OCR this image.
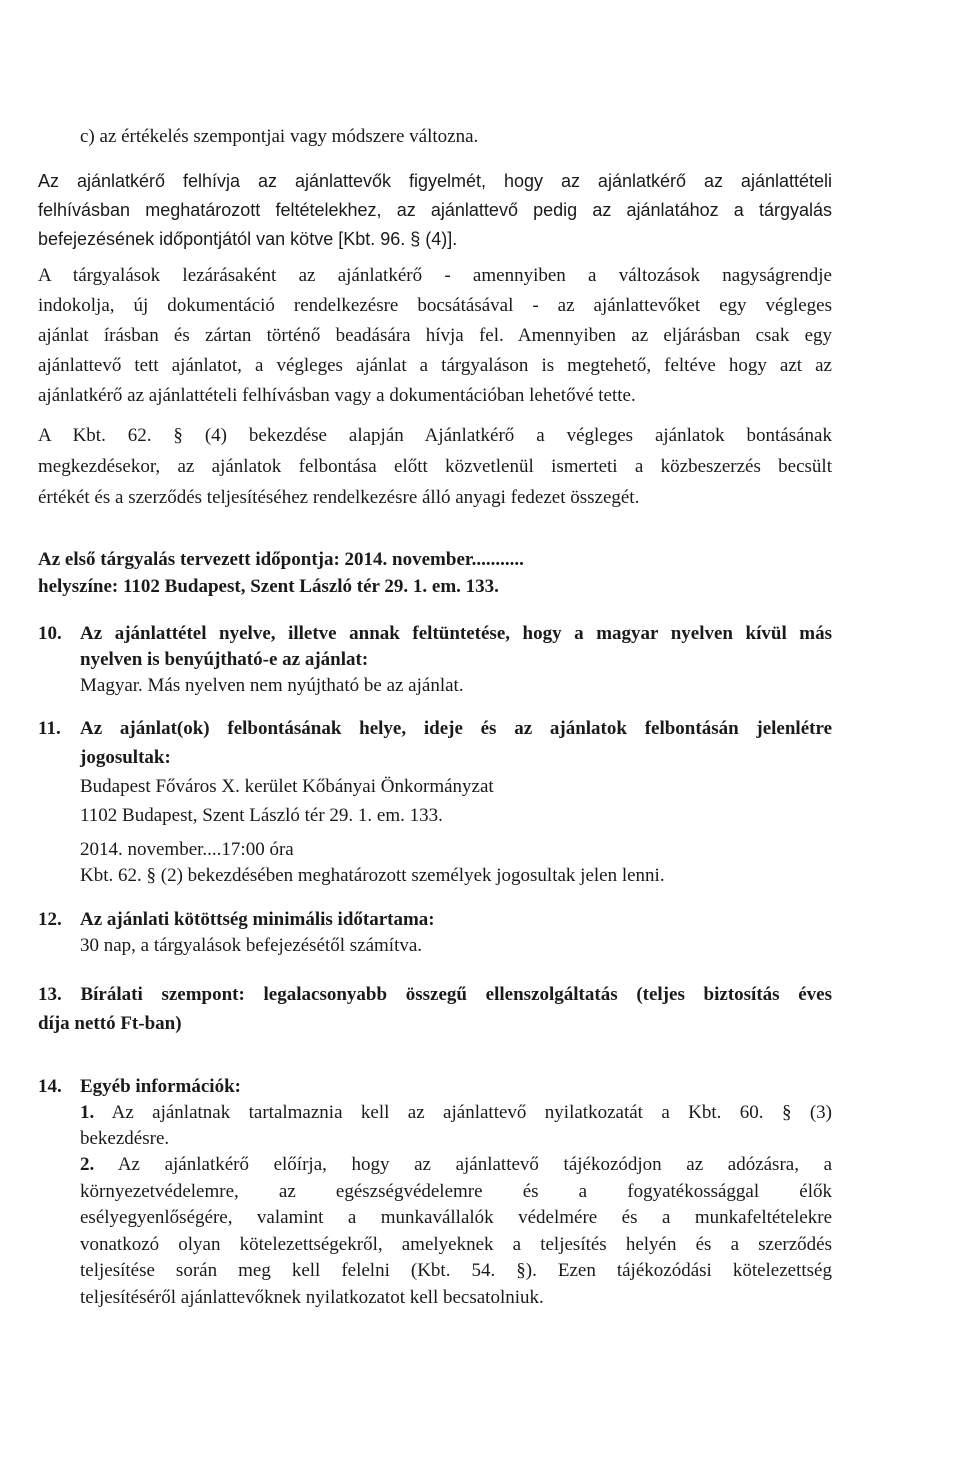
c) az értékelés szempontjai vagy módszere változna.
Az ajánlatkérő felhívja az ajánlattevők figyelmét, hogy az ajánlatkérő az ajánlattételi
felhívásban meghatározott feltételekhez, az ajánlattevő pedig az ajánlatához a tárgyalás
befejezésének időpontjától van kötve [Kbt. 96. § (4)].
A tárgyalások lezárásaként az ajánlatkérő - amennyiben a változások nagyságrendje
indokolja, új dokumentáció rendelkezésre bocsátásával - az ajánlattevőket egy végleges
ajánlat írásban és zártan történő beadására hívja fel. Amennyiben az eljárásban csak egy
ajánlattevő tett ajánlatot, a végleges ajánlat a tárgyaláson is megtehető, feltéve hogy azt az
ajánlatkérő az ajánlattételi felhívásban vagy a dokumentációban lehetővé tette.
A Kbt. 62. § (4) bekezdése alapján Ajánlatkérő a végleges ajánlatok bontásának
megkezdésekor, az ajánlatok felbontása előtt közvetlenül ismerteti a közbeszerzés becsült
értékét és a szerződés teljesítéséhez rendelkezésre álló anyagi fedezet összegét.
Az első tárgyalás tervezett időpontja: 2014. november...........
helyszíne: 1102 Budapest, Szent László tér 29. 1. em. 133.
10. Az ajánlattétel nyelve, illetve annak feltüntetése, hogy a magyar nyelven kívül más
nyelven is benyújtható-e az ajánlat:
Magyar. Más nyelven nem nyújtható be az ajánlat.
11. Az ajánlat(ok) felbontásának helye, ideje és az ajánlatok felbontásán jelenlétre
jogosultak:
Budapest Főváros X. kerület Kőbányai Önkormányzat
1102 Budapest, Szent László tér 29. 1. em. 133.
2014. november....17:00 óra
Kbt. 62. § (2) bekezdésében meghatározott személyek jogosultak jelen lenni.
12. Az ajánlati kötöttség minimális időtartama:
30 nap, a tárgyalások befejezésétől számítva.
13. Bírálati szempont: legalacsonyabb összegű ellenszolgáltatás (teljes biztosítás éves
díja nettó Ft-ban)
14. Egyéb információk:
1. Az ajánlatnak tartalmaznia kell az ajánlattevő nyilatkozatát a Kbt. 60. § (3)
bekezdésre.
2. Az ajánlatkérő előírja, hogy az ajánlattevő tájékozódjon az adózásra, a
környezetvédelemre, az egészségvédelemre és a fogyatékossággal élők
esélyegyenlőségére, valamint a munkavállalók védelmére és a munkafeltételekre
vonatkozó olyan kötelezettségekről, amelyeknek a teljesítés helyén és a szerződés
teljesítése során meg kell felelni (Kbt. 54. §). Ezen tájékozódási kötelezettség
teljesítéséről ajánlattevőknek nyilatkozatot kell becsatolniuk.
